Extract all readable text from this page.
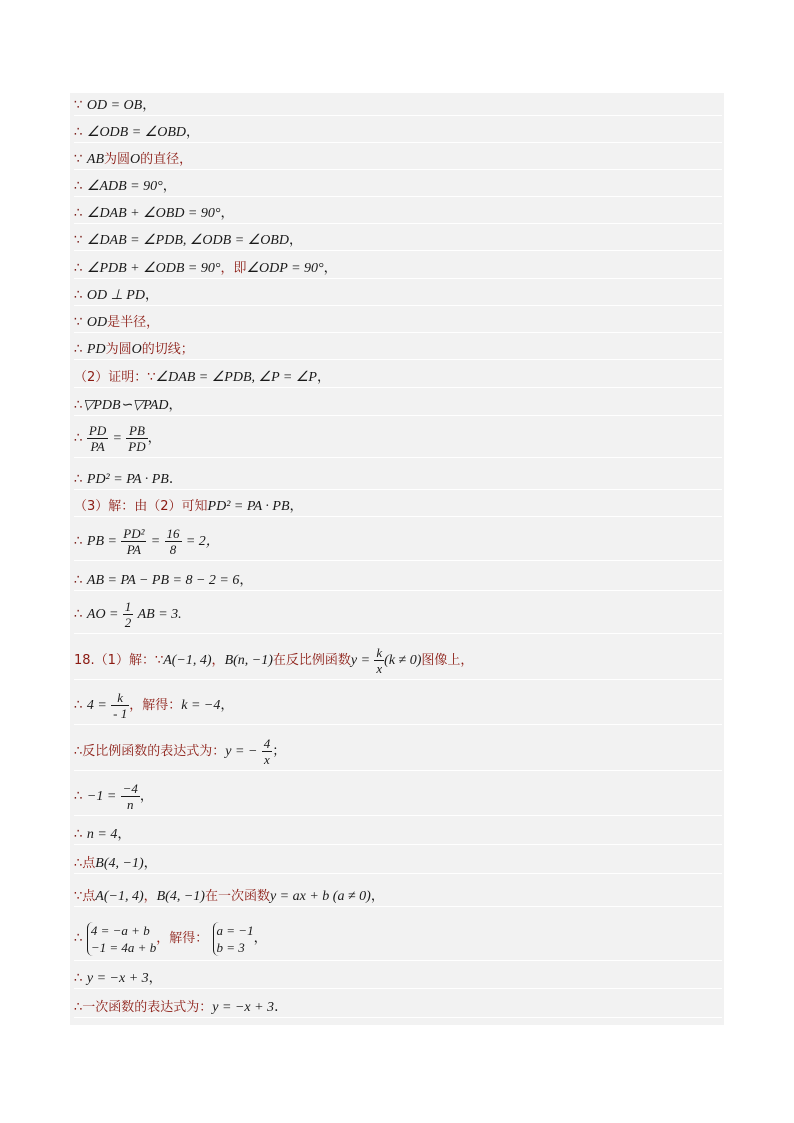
∵ OD = OB，
∴ ∠ODB = ∠OBD，
∵ AB为圆O的直径，
∴ ∠ADB = 90°，
∴ ∠DAB + ∠OBD = 90°，
∵ ∠DAB = ∠PDB, ∠ODB = ∠OBD，
∴ ∠PDB + ∠ODB = 90°，即∠ODP = 90°，
∴ OD ⊥ PD，
∵ OD是半径，
∴ PD为圆O的切线；
（2）证明：∵∠DAB = ∠PDB, ∠P = ∠P，
∴▽PDB∽▽PAD，
∴ $\frac{PD}{PA} = \frac{PB}{PD}$ ，
∴ PD² = PA · PB.
（3）解：由（2）可知PD² = PA · PB，
∴ PB = $\frac{\text{PD²}}{PA} = \frac{16}{8} = 2$，
∴ AB = PA − PB = 8 − 2 = 6，
∴ AO = $\frac{1}{2}$ AB = 3.
18.（1）解：∵A(−1, 4)，B(n, −1)在反比例函数$y = \frac{k}{x} (k \ne 0)$图像上，
∴ $4 = \frac{k}{- 1}$ ，解得：k = −4，
∴反比例函数的表达式为：y = − $\frac{4}{x}$ ；
∴ $-1 = \frac{-4}{n}$ ，
∴ n = 4，
∴点B(4, −1)，
∵点A(−1, 4)，B(4, −1)在一次函数y = ax + b (a ≠ 0)，
∴ 4 = −a + b
−1 = 4a + b
，解得：
a = −1
b = 3
，
∴ y = −x + 3，
∴一次函数的表达式为：y = −x + 3.
